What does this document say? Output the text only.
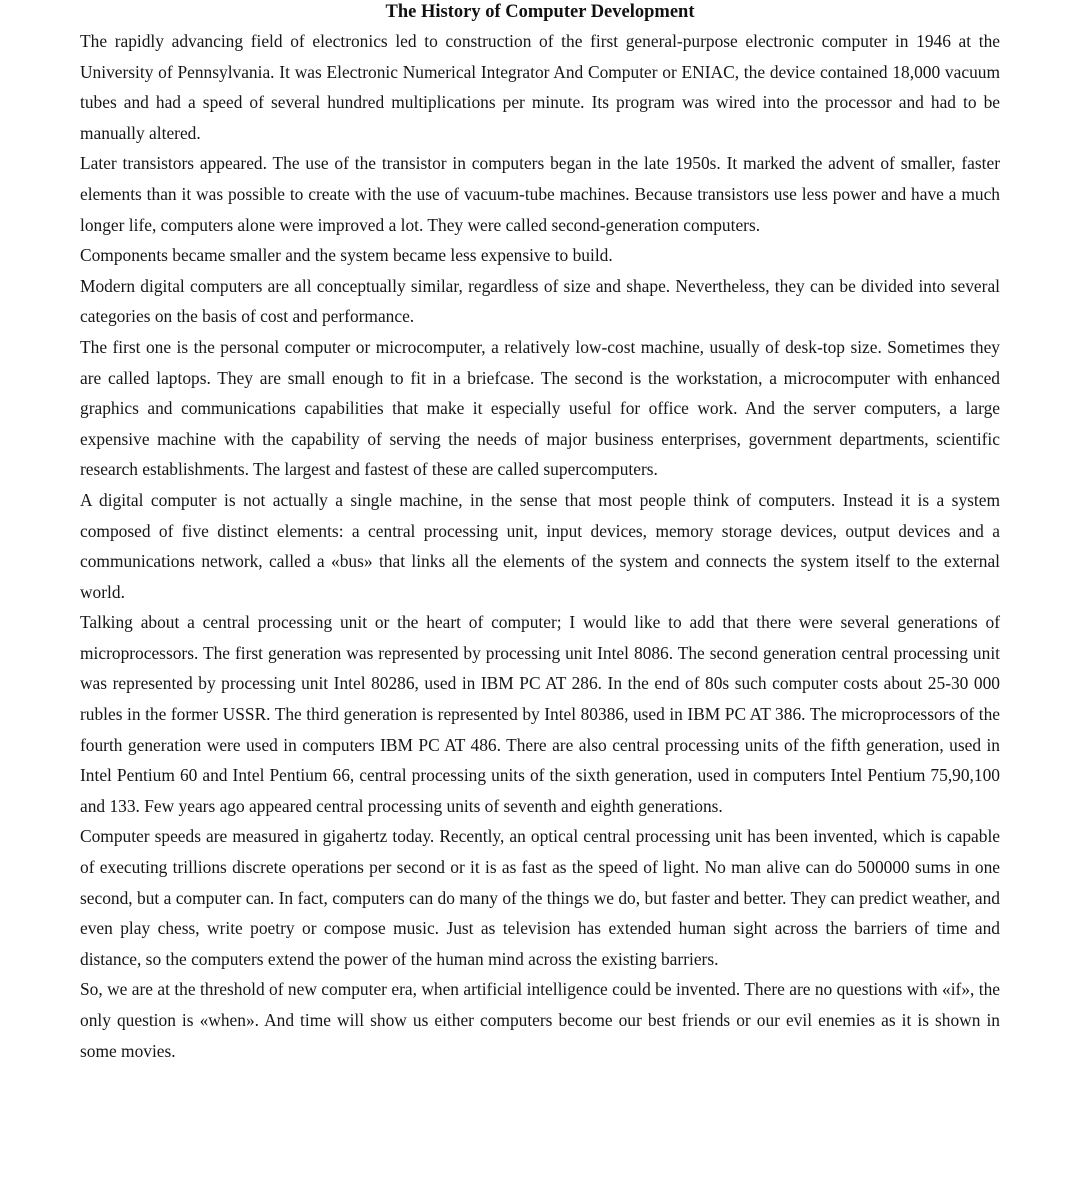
The History of Computer Development

The rapidly advancing field of electronics led to construction of the first general-purpose electronic computer in 1946 at the University of Pennsylvania. It was Electronic Numerical Integrator And Computer or ENIAC, the device contained 18,000 vacuum tubes and had a speed of several hundred multiplications per minute. Its program was wired into the processor and had to be manually altered.

Later transistors appeared. The use of the transistor in computers began in the late 1950s. It marked the advent of smaller, faster elements than it was possible to create with the use of vacuum-tube machines. Because transistors use less power and have a much longer life, computers alone were improved a lot. They were called second-generation computers.

Components became smaller and the system became less expensive to build.

Modern digital computers are all conceptually similar, regardless of size and shape. Nevertheless, they can be divided into several categories on the basis of cost and performance.

The first one is the personal computer or microcomputer, a relatively low-cost machine, usually of desk-top size. Sometimes they are called laptops. They are small enough to fit in a briefcase. The second is the workstation, a microcomputer with enhanced graphics and communications capabilities that make it especially useful for office work. And the server computers, a large expensive machine with the capability of serving the needs of major business enterprises, government departments, scientific research establishments. The largest and fastest of these are called supercomputers.

A digital computer is not actually a single machine, in the sense that most people think of computers. Instead it is a system composed of five distinct elements: a central processing unit, input devices, memory storage devices, output devices and a communications network, called a «bus» that links all the elements of the system and connects the system itself to the external world.

Talking about a central processing unit or the heart of computer; I would like to add that there were several generations of microprocessors. The first generation was represented by processing unit Intel 8086. The second generation central processing unit was represented by processing unit Intel 80286, used in IBM PC AT 286. In the end of 80s such computer costs about 25-30 000 rubles in the former USSR. The third generation is represented by Intel 80386, used in IBM PC AT 386. The microprocessors of the fourth generation were used in computers IBM PC AT 486. There are also central processing units of the fifth generation, used in Intel Pentium 60 and Intel Pentium 66, central processing units of the sixth generation, used in computers Intel Pentium 75,90,100 and 133. Few years ago appeared central processing units of seventh and eighth generations.

Computer speeds are measured in gigahertz today. Recently, an optical central processing unit has been invented, which is capable of executing trillions discrete operations per second or it is as fast as the speed of light. No man alive can do 500000 sums in one second, but a computer can. In fact, computers can do many of the things we do, but faster and better. They can predict weather, and even play chess, write poetry or compose music. Just as television has extended human sight across the barriers of time and distance, so the computers extend the power of the human mind across the existing barriers.

So, we are at the threshold of new computer era, when artificial intelligence could be invented. There are no questions with «if», the only question is «when». And time will show us either computers become our best friends or our evil enemies as it is shown in some movies.
